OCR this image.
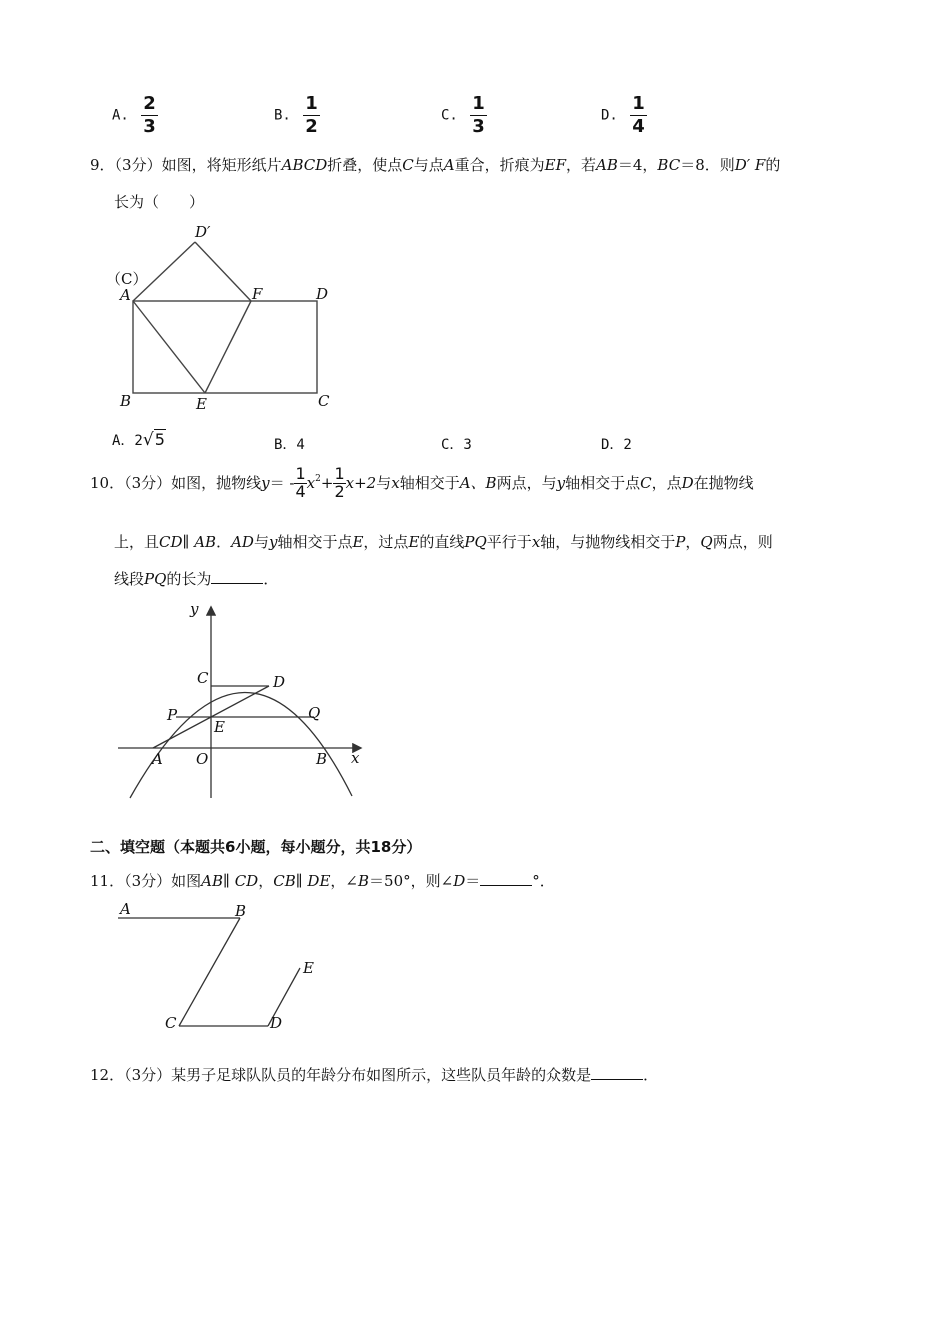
A. $\frac{2}{3}$	B. $\frac{1}{2}$	C. $\frac{1}{3}$	D. $\frac{1}{4}$
9．（3分）如图，将矩形纸片ABCD折叠，使点C与点A重合，折痕为EF，若AB＝4，BC＝8．则D′ F的
长为（　　）
D′
（C）
A	F	D
B	E	C
A．2√5	B．4	C．3	D．2
10．（3分）如图，抛物线$y= - \frac{1}{4} x^2+ \frac{1}{2} x+2$与x轴相交于A、B两点，与y轴相交于点C，点D在抛物线
上，且CD∥ AB．AD与y轴相交于点E，过点E的直线PQ平行于x轴，与抛物线相交于P，Q两点，则
线段PQ的长为	．
y
x
C	D
P	Q
E
A O	B
二、填空题（本题共6小题，每小题分，共18分）
11．（3分）如图AB∥ CD，CB∥ DE，∠B＝50°，则∠D＝	°．
A	B
C	D
E
12．（3分）某男子足球队队员的年龄分布如图所示，这些队员年龄的众数是	．
